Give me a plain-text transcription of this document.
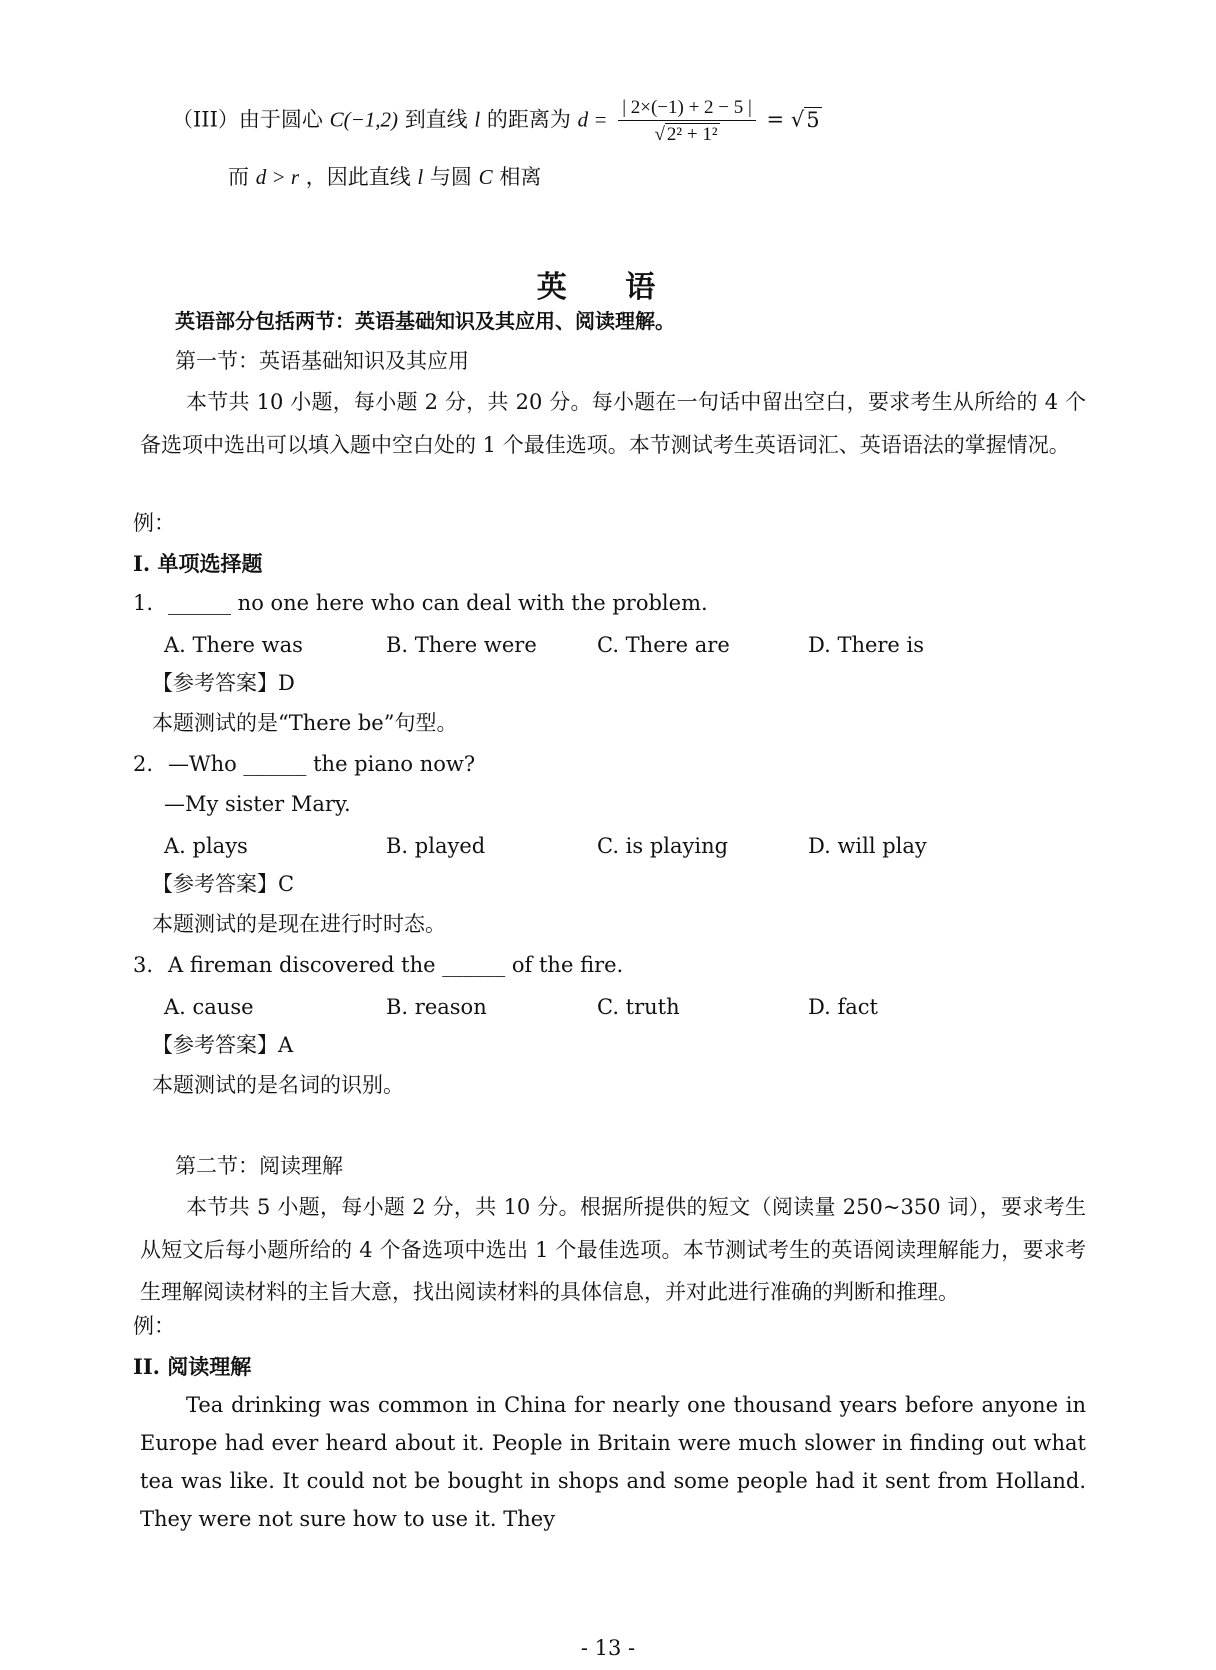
（III）由于圆心 C(−1,2) 到直线 l 的距离为 $d = \frac{| 2\times(-1) + 2 - 5 |}{\text{√ 2² + 1²}} = √5$
而 d > r ，因此直线 l 与圆 C 相离
英 语
英语部分包括两节：英语基础知识及其应用、阅读理解。
第一节：英语基础知识及其应用
本节共 10 小题，每小题 2 分，共 20 分。每小题在一句话中留出空白，要求考生从所给的 4 个备选项中选出可以填入题中空白处的 1 个最佳选项。本节测试考生英语词汇、英语语法的掌握情况。
例：
I. 单项选择题
1. ______ no one here who can deal with the problem.
A. There was	B. There were	C. There are	D. There is
【参考答案】D
本题测试的是“There be”句型。
2. —Who ______ the piano now?
—My sister Mary.
A. plays	B. played	C. is playing	D. will play
【参考答案】C
本题测试的是现在进行时时态。
3. A fireman discovered the ______ of the fire.
A. cause	B. reason	C. truth	D. fact
【参考答案】A
本题测试的是名词的识别。
第二节：阅读理解
本节共 5 小题，每小题 2 分，共 10 分。根据所提供的短文（阅读量 250~350 词），要求考生从短文后每小题所给的 4 个备选项中选出 1 个最佳选项。本节测试考生的英语阅读理解能力，要求考生理解阅读材料的主旨大意，找出阅读材料的具体信息，并对此进行准确的判断和推理。
例：
II. 阅读理解
Tea drinking was common in China for nearly one thousand years before anyone in Europe had ever heard about it. People in Britain were much slower in finding out what tea was like. It could not be bought in shops and some people had it sent from Holland. They were not sure how to use it. They
- 13 -
